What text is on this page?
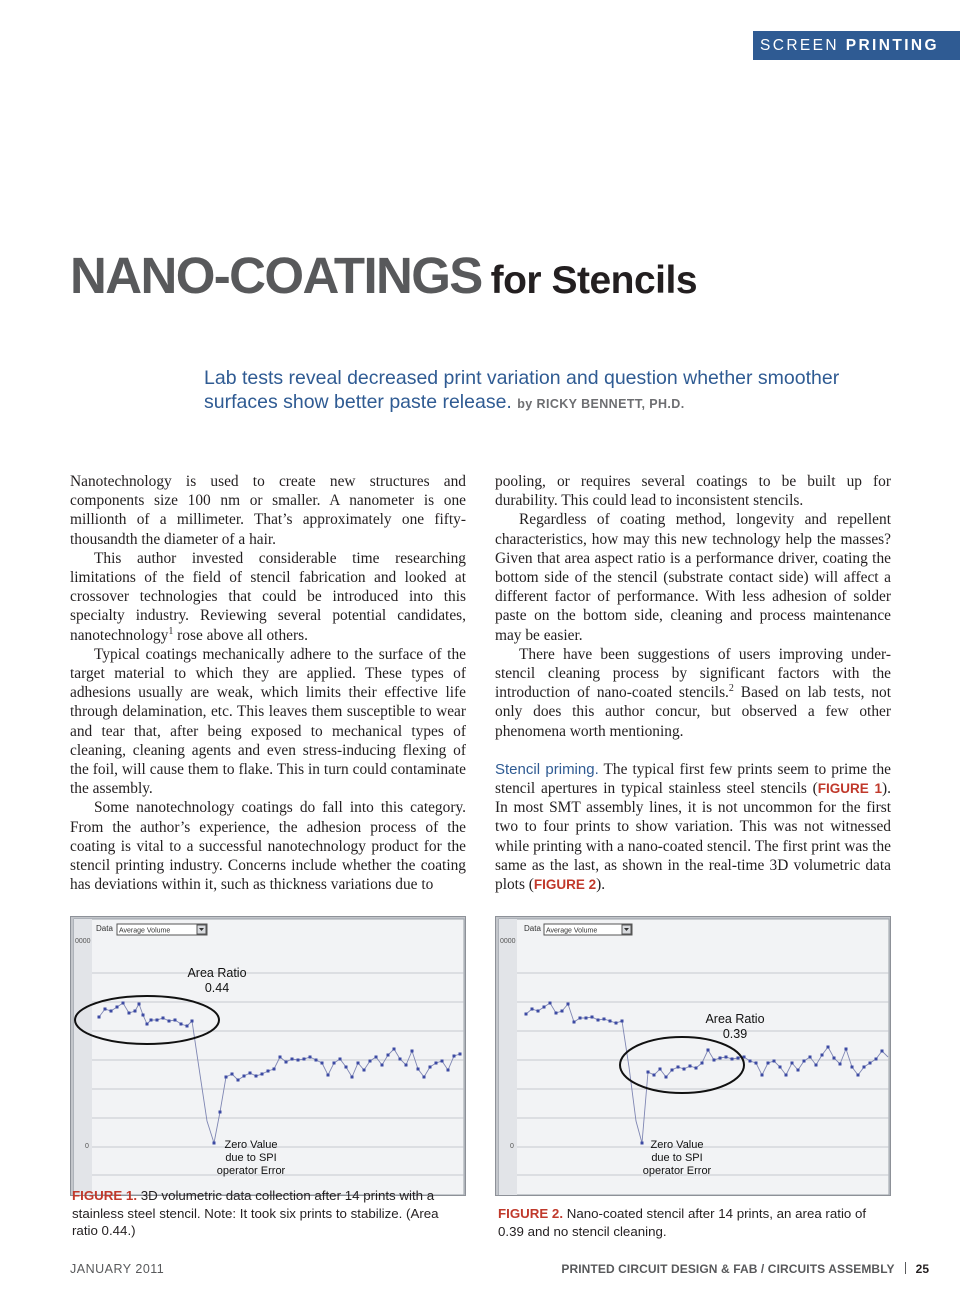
SCREEN PRINTING
NANO-COATINGS for Stencils
Lab tests reveal decreased print variation and question whether smoother surfaces show better paste release. by RICKY BENNETT, PH.D.

Nanotechnology is used to create new structures and components size 100 nm or smaller. A nanometer is one millionth of a millimeter. That’s approximately one fifty-thousandth the diameter of a hair.

This author invested considerable time researching limitations of the field of stencil fabrication and looked at crossover technologies that could be introduced into this specialty industry. Reviewing several potential candidates, nanotechnology$^1$ rose above all others.

Typical coatings mechanically adhere to the surface of the target material to which they are applied. These types of adhesions usually are weak, which limits their effective life through delamination, etc. This leaves them susceptible to wear and tear that, after being exposed to mechanical types of cleaning, cleaning agents and even stress-inducing flexing of the foil, will cause them to flake. This in turn could contaminate the assembly.

Some nanotechnology coatings do fall into this category. From the author’s experience, the adhesion process of the coating is vital to a successful nanotechnology product for the stencil printing industry. Concerns include whether the coating has deviations within it, such as thickness variations due to

pooling, or requires several coatings to be built up for durability. This could lead to inconsistent stencils.

Regardless of coating method, longevity and repellent characteristics, how may this new technology help the masses? Given that area aspect ratio is a performance driver, coating the bottom side of the stencil (substrate contact side) will affect a different factor of performance. With less adhesion of solder paste on the bottom side, cleaning and process maintenance may be easier.

There have been suggestions of users improving under-stencil cleaning process by significant factors with the introduction of nano-coated stencils.$^2$ Based on lab tests, not only does this author concur, but observed a few other phenomena worth mentioning.

Stencil priming. The typical first few prints seem to prime the stencil apertures in typical stainless steel stencils (FIGURE 1). In most SMT assembly lines, it is not uncommon for the first two to four prints to show variation. This was not witnessed while printing with a nano-coated stencil. The first print was the same as the last, as shown in the real-time 3D volumetric data plots (FIGURE 2).

Data Average Volume
0000
0
Area Ratio
0.44
Zero Value
due to SPI
operator Error
FIGURE 1. 3D volumetric data collection after 14 prints with a stainless steel stencil. Note: It took six prints to stabilize. (Area ratio 0.44.)
Data Average Volume
0000
0
Area Ratio
0.39
Zero Value
due to SPI
operator Error
FIGURE 2. Nano-coated stencil after 14 prints, an area ratio of 0.39 and no stencil cleaning.
JANUARY 2011	PRINTED CIRCUIT DESIGN & FAB / CIRCUITS ASSEMBLY 25
